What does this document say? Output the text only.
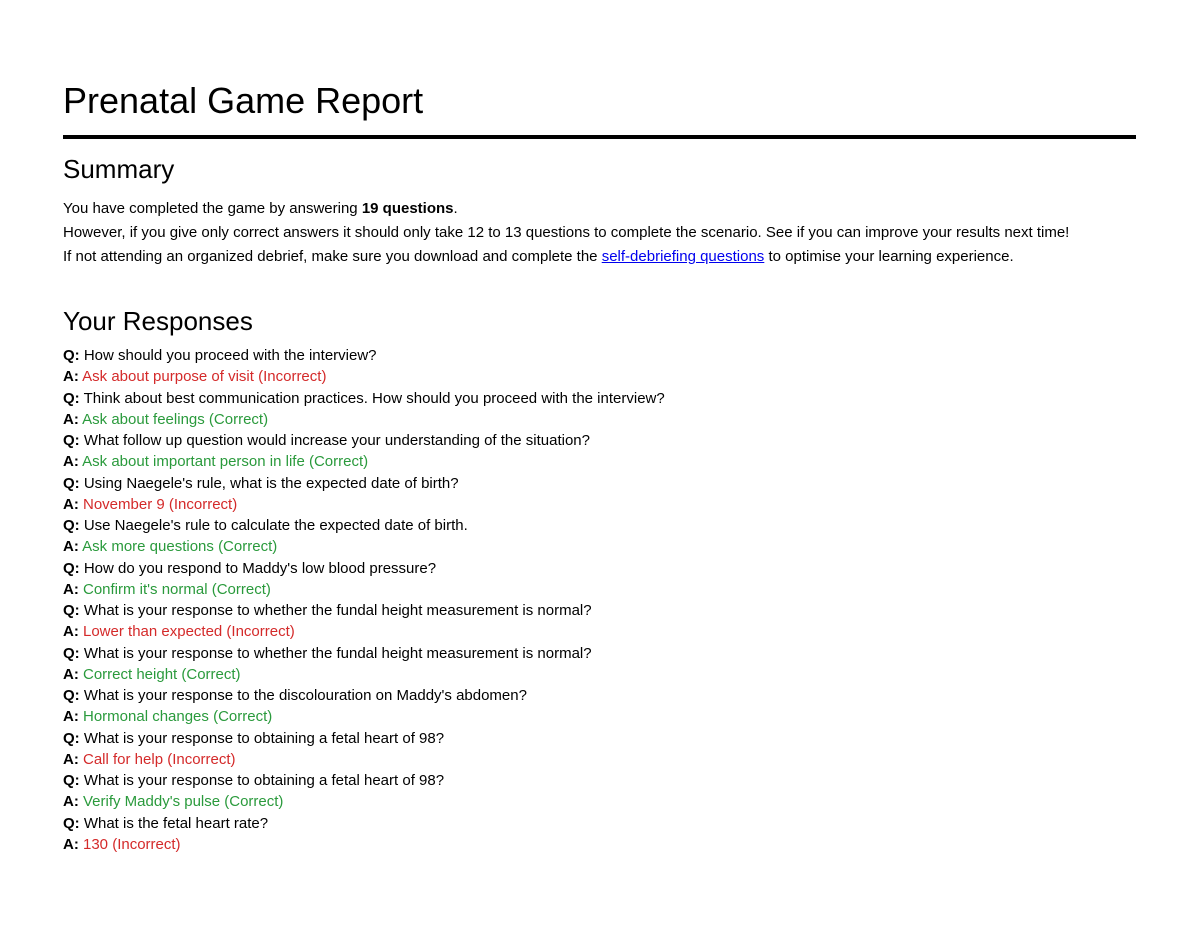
Prenatal Game Report
Summary

You have completed the game by answering 19 questions.

However, if you give only correct answers it should only take 12 to 13 questions to complete the scenario. See if you can improve your results next time!

If not attending an organized debrief, make sure you download and complete the self-debriefing questions to optimise your learning experience.

Your Responses
Q: How should you proceed with the interview?
A: Ask about purpose of visit (Incorrect)
Q: Think about best communication practices. How should you proceed with the interview?
A: Ask about feelings (Correct)
Q: What follow up question would increase your understanding of the situation?
A: Ask about important person in life (Correct)
Q: Using Naegele's rule, what is the expected date of birth?
A: November 9 (Incorrect)
Q: Use Naegele's rule to calculate the expected date of birth.
A: Ask more questions (Correct)
Q: How do you respond to Maddy's low blood pressure?
A: Confirm it's normal (Correct)
Q: What is your response to whether the fundal height measurement is normal?
A: Lower than expected (Incorrect)
Q: What is your response to whether the fundal height measurement is normal?
A: Correct height (Correct)
Q: What is your response to the discolouration on Maddy's abdomen?
A: Hormonal changes (Correct)
Q: What is your response to obtaining a fetal heart of 98?
A: Call for help (Incorrect)
Q: What is your response to obtaining a fetal heart of 98?
A: Verify Maddy's pulse (Correct)
Q: What is the fetal heart rate?
A: 130 (Incorrect)
